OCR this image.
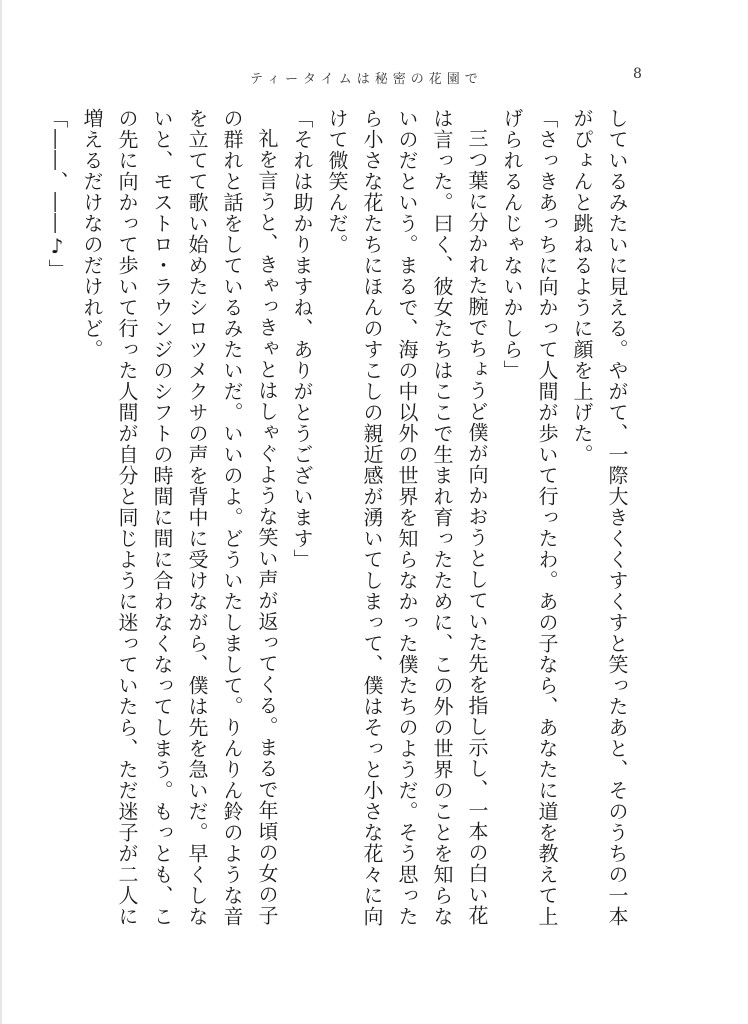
ティータイムは秘密の花園で	8

しているみたいに見える。やがて、一際大きくくすくすと笑ったあと、そのうちの一本がぴょんと跳ねるように顔を上げた。

「さっきあっちに向かって人間が歩いて行ったわ。あの子なら、あなたに道を教えて上げられるんじゃないかしら」

三つ葉に分かれた腕でちょうど僕が向かおうとしていた先を指し示し、一本の白い花は言った。曰く、彼女たちはここで生まれ育ったために、この外の世界のことを知らないのだという。まるで、海の中以外の世界を知らなかった僕たちのようだ。そう思ったら小さな花たちにほんのすこしの親近感が湧いてしまって、僕はそっと小さな花々に向けて微笑んだ。

「それは助かりますね、ありがとうございます」

礼を言うと、きゃっきゃとはしゃぐような笑い声が返ってくる。まるで年頃の女の子の群れと話をしているみたいだ。いいのよ。どういたしまして。りんりん鈴のような音を立てて歌い始めたシロツメクサの声を背中に受けながら、僕は先を急いだ。早くしないと、モストロ・ラウンジのシフトの時間に間に合わなくなってしまう。もっとも、この先に向かって歩いて行った人間が自分と同じように迷っていたら、ただ迷子が二人に増えるだけなのだけれど。

「――、――♪」
